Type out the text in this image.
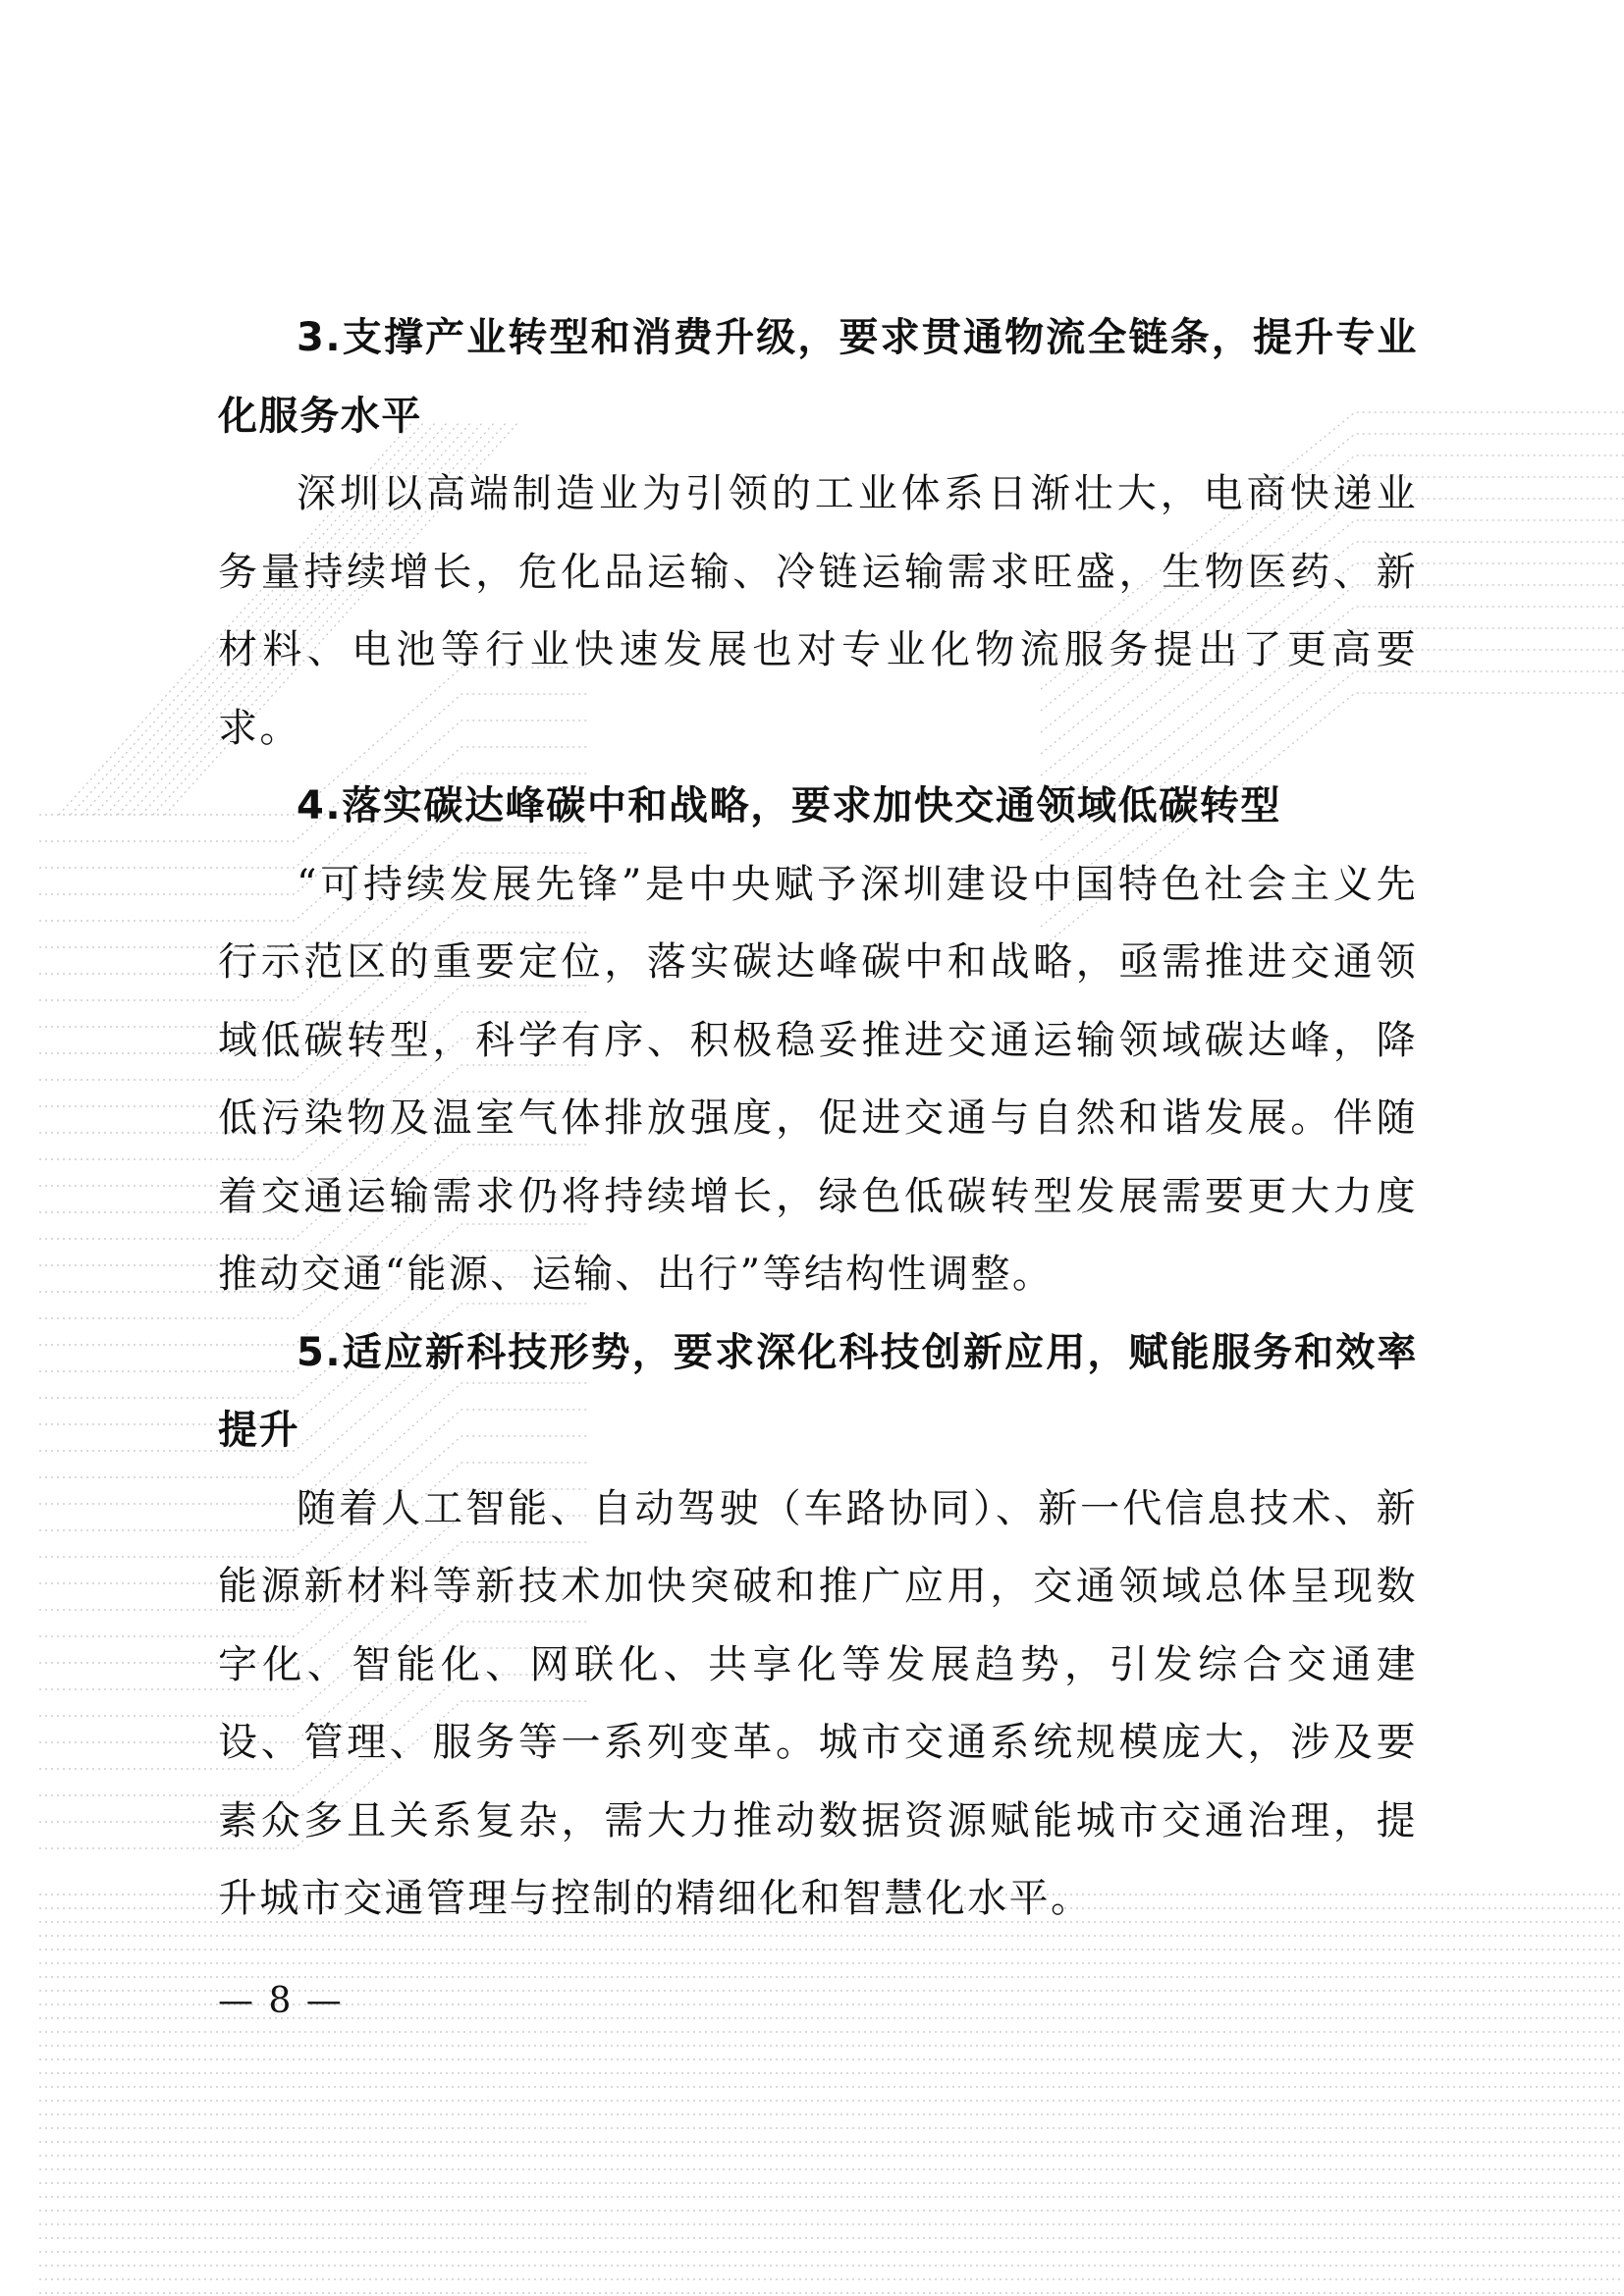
3.支撑产业转型和消费升级，要求贯通物流全链条，提升专业化服务水平

深圳以高端制造业为引领的工业体系日渐壮大，电商快递业务量持续增长，危化品运输、冷链运输需求旺盛，生物医药、新材料、电池等行业快速发展也对专业化物流服务提出了更高要求。

4.落实碳达峰碳中和战略，要求加快交通领域低碳转型

“可持续发展先锋”是中央赋予深圳建设中国特色社会主义先行示范区的重要定位，落实碳达峰碳中和战略，亟需推进交通领域低碳转型，科学有序、积极稳妥推进交通运输领域碳达峰，降低污染物及温室气体排放强度，促进交通与自然和谐发展。伴随着交通运输需求仍将持续增长，绿色低碳转型发展需要更大力度推动交通“能源、运输、出行”等结构性调整。

5.适应新科技形势，要求深化科技创新应用，赋能服务和效率提升

随着人工智能、自动驾驶（车路协同）、新一代信息技术、新能源新材料等新技术加快突破和推广应用，交通领域总体呈现数字化、智能化、网联化、共享化等发展趋势，引发综合交通建设、管理、服务等一系列变革。城市交通系统规模庞大，涉及要素众多且关系复杂，需大力推动数据资源赋能城市交通治理，提升城市交通管理与控制的精细化和智慧化水平。

— 8 —
